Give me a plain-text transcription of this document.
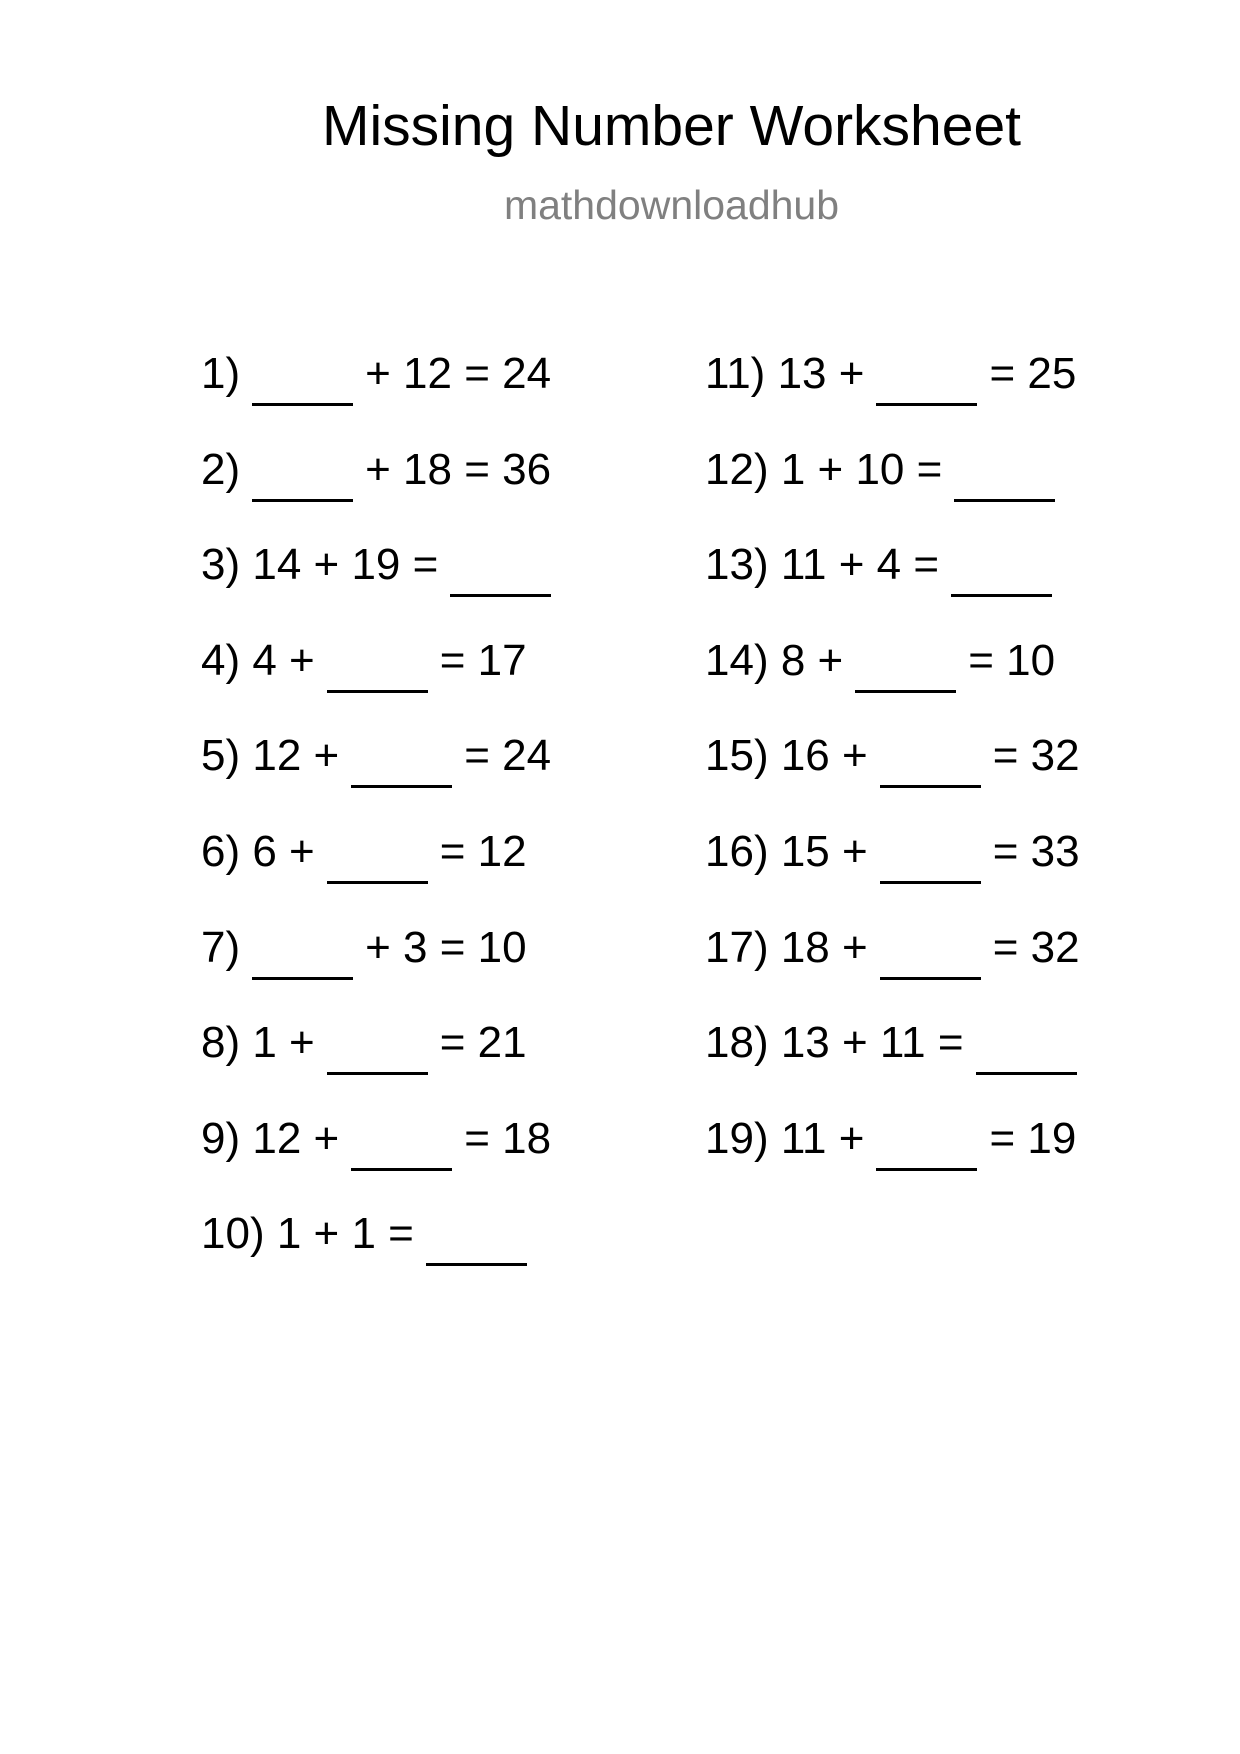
Missing Number Worksheet
mathdownloadhub
1)	+ 12 = 24
2)	+ 18 = 36
3)
14 + 19 =
4)
4 +	= 17
5)
12 +	= 24
6)
6 +	= 12
7)	+ 3 = 10
8)
1 +	= 21
9)
12 +	= 18
10)
1 + 1 =
11)
13 +	= 25
12)
1 + 10 =
13)
11 + 4 =
14)
8 +	= 10
15)
16 +	= 32
16)
15 +	= 33
17)
18 +	= 32
18)
13 + 11 =
19)
11 +	= 19
